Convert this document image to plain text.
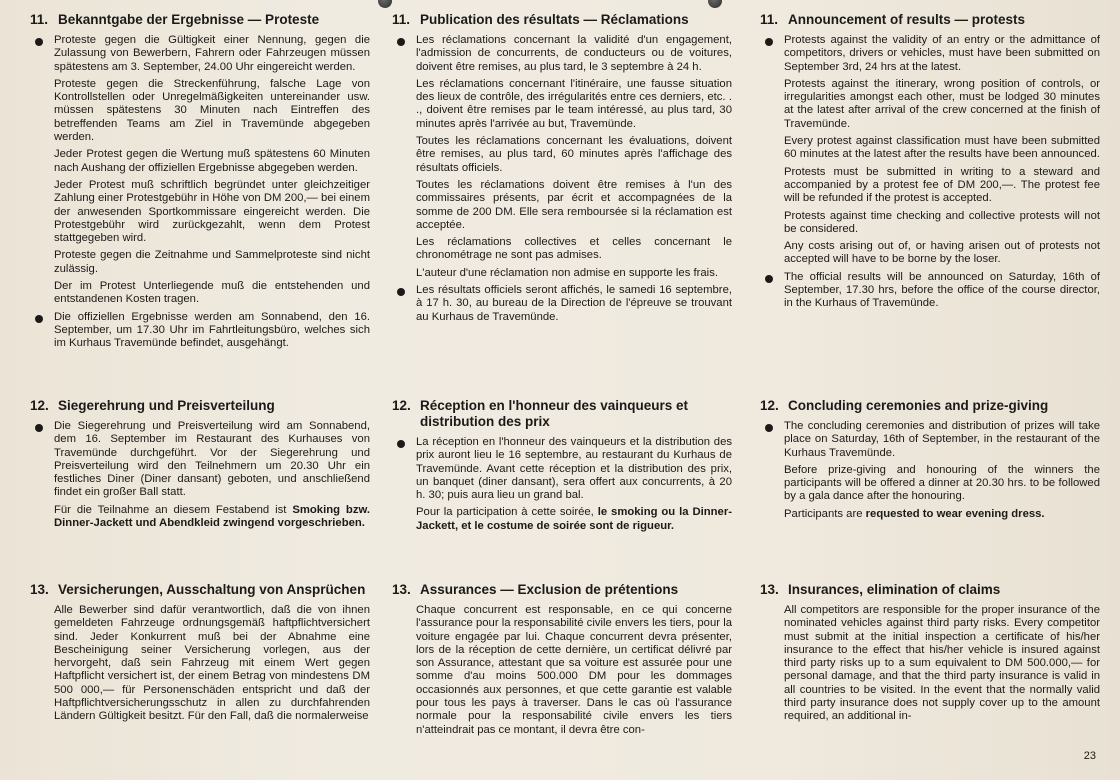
11. Bekanntgabe der Ergebnisse — Proteste

Proteste gegen die Gültigkeit einer Nennung, gegen die Zulassung von Bewerbern, Fahrern oder Fahrzeugen müssen spätestens am 3. September, 24.00 Uhr eingereicht werden.

Proteste gegen die Streckenführung, falsche Lage von Kontrollstellen oder Unregelmäßigkeiten untereinander usw. müssen spätestens 30 Minuten nach Eintreffen des betreffenden Teams am Ziel in Travemünde abgegeben werden.

Jeder Protest gegen die Wertung muß spätestens 60 Minuten nach Aushang der offiziellen Ergebnisse abgegeben werden.

Jeder Protest muß schriftlich begründet unter gleichzeitiger Zahlung einer Protestgebühr in Höhe von DM 200,— bei einem der anwesenden Sportkommissare eingereicht werden. Die Protestgebühr wird zurückgezahlt, wenn dem Protest stattgegeben wird.

Proteste gegen die Zeitnahme und Sammelproteste sind nicht zulässig.

Der im Protest Unterliegende muß die entstehenden und entstandenen Kosten tragen.

Die offiziellen Ergebnisse werden am Sonnabend, den 16. September, um 17.30 Uhr im Fahrtleitungsbüro, welches sich im Kurhaus Travemünde befindet, ausgehängt.

12. Siegerehrung und Preisverteilung

Die Siegerehrung und Preisverteilung wird am Sonnabend, dem 16. September im Restaurant des Kurhauses von Travemünde durchgeführt. Vor der Siegerehrung und Preisverteilung wird den Teilnehmern um 20.30 Uhr ein festliches Diner (Diner dansant) geboten, und anschließend findet ein großer Ball statt.

Für die Teilnahme an diesem Festabend ist Smoking bzw. Dinner-Jackett und Abendkleid zwingend vorgeschrieben.

13. Versicherungen, Ausschaltung von Ansprüchen

Alle Bewerber sind dafür verantwortlich, daß die von ihnen gemeldeten Fahrzeuge ordnungsgemäß haftpflichtversichert sind. Jeder Konkurrent muß bei der Abnahme eine Bescheinigung seiner Versicherung vorlegen, aus der hervorgeht, daß sein Fahrzeug mit einem Wert gegen Haftpflicht versichert ist, der einem Betrag von mindestens DM 500 000,— für Personenschäden entspricht und daß der Haftpflichtversicherungsschutz in allen zu durchfahrenden Ländern Gültigkeit besitzt. Für den Fall, daß die normalerweise

11. Publication des résultats — Réclamations

Les réclamations concernant la validité d'un engagement, l'admission de concurrents, de conducteurs ou de voitures, doivent être remises, au plus tard, le 3 septembre à 24 h.

Les réclamations concernant l'itinéraire, une fausse situation des lieux de contrôle, des irrégularités entre ces derniers, etc. . ., doivent être remises par le team intéressé, au plus tard, 30 minutes après l'arrivée au but, Travemünde.

Toutes les réclamations concernant les évaluations, doivent être remises, au plus tard, 60 minutes après l'affichage des résultats officiels.

Toutes les réclamations doivent être remises à l'un des commissaires présents, par écrit et accompagnées de la somme de 200 DM. Elle sera remboursée si la réclamation est acceptée.

Les réclamations collectives et celles concernant le chronométrage ne sont pas admises.

L'auteur d'une réclamation non admise en supporte les frais.

Les résultats officiels seront affichés, le samedi 16 septembre, à 17 h. 30, au bureau de la Direction de l'épreuve se trouvant au Kurhaus de Travemünde.

12. Réception en l'honneur des vainqueurs et distribution des prix

La réception en l'honneur des vainqueurs et la distribution des prix auront lieu le 16 septembre, au restaurant du Kurhaus de Travemünde. Avant cette réception et la distribution des prix, un banquet (diner dansant), sera offert aux concurrents, à 20 h. 30; puis aura lieu un grand bal.

Pour la participation à cette soirée, le smoking ou la Dinner-Jackett, et le costume de soirée sont de rigueur.

13. Assurances — Exclusion de prétentions

Chaque concurrent est responsable, en ce qui concerne l'assurance pour la responsabilité civile envers les tiers, pour la voiture engagée par lui. Chaque concurrent devra présenter, lors de la réception de cette dernière, un certificat délivré par son Assurance, attestant que sa voiture est assurée pour une somme d'au moins 500.000 DM pour les dommages occasionnés aux personnes, et que cette garantie est valable pour tous les pays à traverser. Dans le cas où l'assurance normale pour la responsabilité civile envers les tiers n'atteindrait pas ce montant, il devra être con-

11. Announcement of results — protests

Protests against the validity of an entry or the admittance of competitors, drivers or vehicles, must have been submitted on September 3rd, 24 hrs at the latest.

Protests against the itinerary, wrong position of controls, or irregularities amongst each other, must be lodged 30 minutes at the latest after arrival of the crew concerned at the finish of Travemünde.

Every protest against classification must have been submitted 60 minutes at the latest after the results have been announced.

Protests must be submitted in writing to a steward and accompanied by a protest fee of DM 200,—. The protest fee will be refunded if the protest is accepted.

Protests against time checking and collective protests will not be considered.

Any costs arising out of, or having arisen out of protests not accepted will have to be borne by the loser.

The official results will be announced on Saturday, 16th of September, 17.30 hrs, before the office of the course director, in the Kurhaus of Travemünde.

12. Concluding ceremonies and prize-giving

The concluding ceremonies and distribution of prizes will take place on Saturday, 16th of September, in the restaurant of the Kurhaus Travemünde.

Before prize-giving and honouring of the winners the participants will be offered a dinner at 20.30 hrs. to be followed by a gala dance after the honouring.

Participants are requested to wear evening dress.

13. Insurances, elimination of claims

All competitors are responsible for the proper insurance of the nominated vehicles against third party risks. Every competitor must submit at the initial inspection a certificate of his/her insurance to the effect that his/her vehicle is insured against third party risks up to a sum equivalent to DM 500.000,— for personal damage, and that the third party insurance is valid in all countries to be visited. In the event that the normally valid third party insurance does not supply cover up to the amount required, an additional in-

23
